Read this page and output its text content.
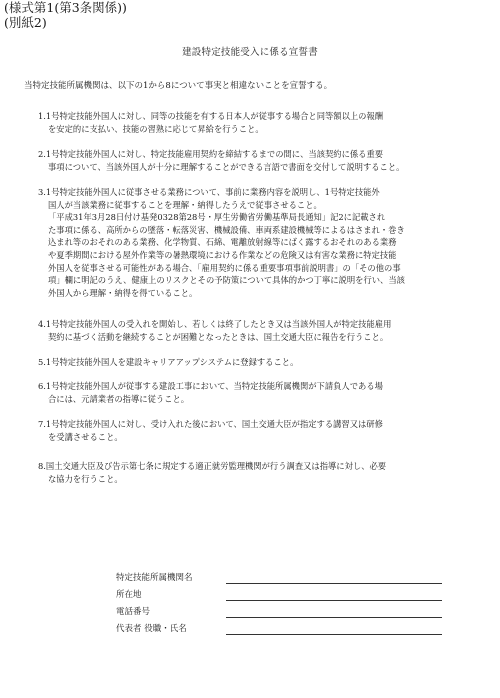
(様式第1(第3条関係))
(別紙2)
建設特定技能受入に係る宣誓書
当特定技能所属機関は、以下の1から8について事実と相違ないことを宣誓する。
1.1号特定技能外国人に対し、同等の技能を有する日本人が従事する場合と同等額以上の報酬
を安定的に支払い、技能の習熟に応じて昇給を行うこと。
2.1号特定技能外国人に対し、特定技能雇用契約を締結するまでの間に、当該契約に係る重要
事項について、当該外国人が十分に理解することができる言語で書面を交付して説明すること。
3.1号特定技能外国人に従事させる業務について、事前に業務内容を説明し、1号特定技能外
国人が当該業務に従事することを理解・納得したうえで従事させること。
「平成31年3月28日付け基発0328第28号・厚生労働省労働基準局長通知」記2に記載され
た事項に係る、高所からの墜落・転落災害、機械設備、車両系建設機械等によるはさまれ・巻き
込まれ等のおそれのある業務、化学物質、石綿、電離放射線等にばく露するおそれのある業務
や夏季期間における屋外作業等の暑熱環境における作業などの危険又は有害な業務に特定技能
外国人を従事させる可能性がある場合、「雇用契約に係る重要事項事前説明書」の「その他の事
項」欄に明記のうえ、健康上のリスクとその予防策について具体的かつ丁寧に説明を行い、当該
外国人から理解・納得を得ていること。
4.1号特定技能外国人の受入れを開始し、若しくは終了したとき又は当該外国人が特定技能雇用
契約に基づく活動を継続することが困難となったときは、国土交通大臣に報告を行うこと。
5.1号特定技能外国人を建設キャリアアップシステムに登録すること。
6.1号特定技能外国人が従事する建設工事において、当特定技能所属機関が下請負人である場
合には、元請業者の指導に従うこと。
7.1号特定技能外国人に対し、受け入れた後において、国土交通大臣が指定する講習又は研修
を受講させること。
8.国土交通大臣及び告示第七条に規定する適正就労監理機関が行う調査又は指導に対し、必要
な協力を行うこと。
特定技能所属機関名
所在地
電話番号
代表者 役職・氏名
